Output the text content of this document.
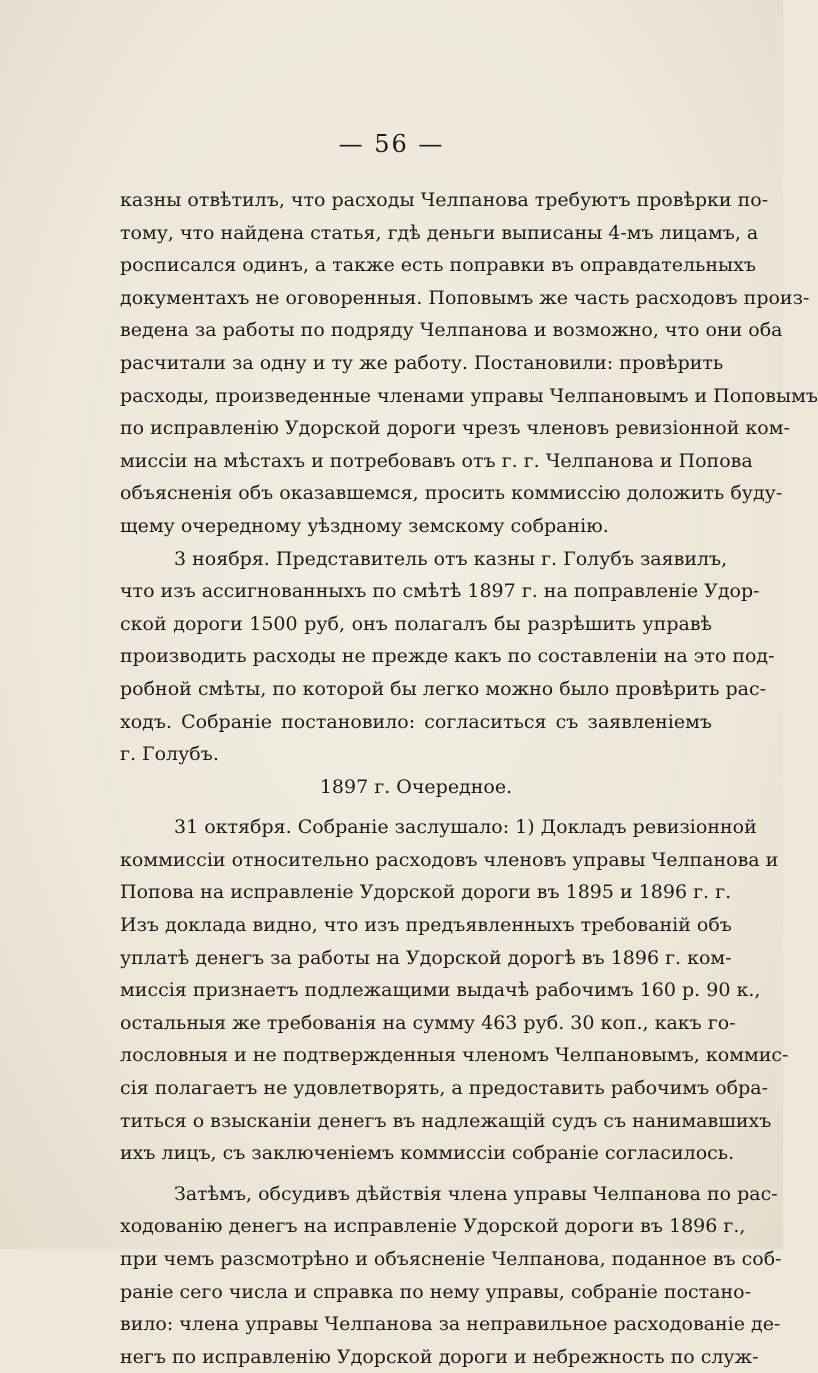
— 56 —
казны отвѣтилъ, что расходы Челпанова требуютъ провѣрки по-
тому, что найдена статья, гдѣ деньги выписаны 4-мъ лицамъ, а
росписался одинъ, а также есть поправки въ оправдательныхъ
документахъ не оговоренныя. Поповымъ же часть расходовъ произ-
ведена за работы по подряду Челпанова и возможно, что они оба
расчитали за одну и ту же работу. Постановили: провѣрить
расходы, произведенные членами управы Челпановымъ и Поповымъ
по исправленію Удорской дороги чрезъ членовъ ревизіонной ком-
миссіи на мѣстахъ и потребовавъ отъ г. г. Челпанова и Попова
объясненія объ оказавшемся, просить коммиссію доложить буду-
щему очередному уѣздному земскому собранію.
3 ноября. Представитель отъ казны г. Голубъ заявилъ,
что изъ ассигнованныхъ по смѣтѣ 1897 г. на поправленіе Удор-
ской дороги 1500 руб, онъ полагалъ бы разрѣшить управѣ
производить расходы не прежде какъ по составленіи на это под-
робной смѣты, по которой бы легко можно было провѣрить рас-
ходъ. Собраніе постановило: согласиться съ заявленіемъ
г. Голубъ.
1897 г. Очередное.
31 октября. Собраніе заслушало: 1) Докладъ ревизіонной
коммиссіи относительно расходовъ членовъ управы Челпанова и
Попова на исправленіе Удорской дороги въ 1895 и 1896 г. г.
Изъ доклада видно, что изъ предъявленныхъ требованій объ
уплатѣ денегъ за работы на Удорской дорогѣ въ 1896 г. ком-
миссія признаетъ подлежащими выдачѣ рабочимъ 160 р. 90 к.,
остальныя же требованія на сумму 463 руб. 30 коп., какъ го-
лословныя и не подтвержденныя членомъ Челпановымъ, коммис-
сія полагаетъ не удовлетворять, а предоставить рабочимъ обра-
титься о взысканіи денегъ въ надлежащій судъ съ нанимавшихъ
ихъ лицъ, съ заключеніемъ коммиссіи собраніе согласилось.
Затѣмъ, обсудивъ дѣйствія члена управы Челпанова по рас-
ходованію денегъ на исправленіе Удорской дороги въ 1896 г.,
при чемъ разсмотрѣно и объясненіе Челпанова, поданное въ соб-
раніе сего числа и справка по нему управы, собраніе постано-
вило: члена управы Челпанова за неправильное расходованіе де-
негъ по исправленію Удорской дороги и небрежность по служ-
